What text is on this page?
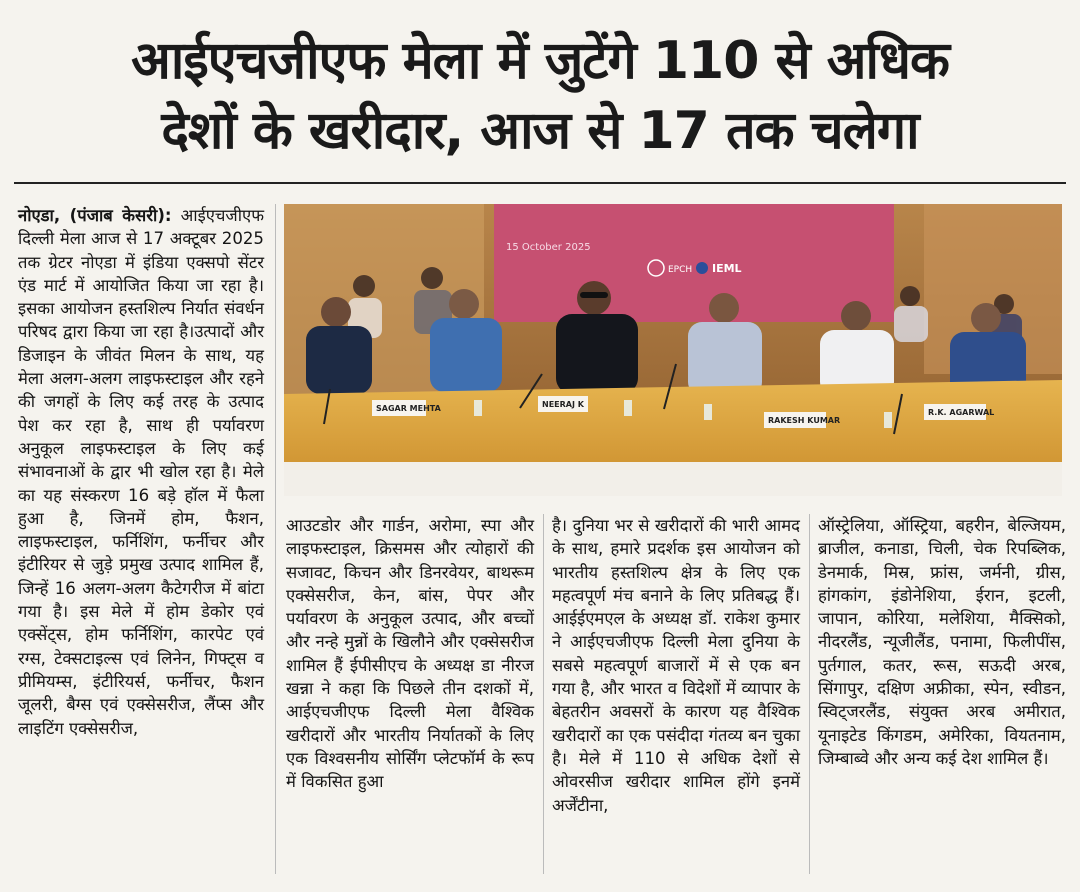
आईएचजीएफ मेला में जुटेंगे 110 से अधिक
देशों के खरीदार, आज से 17 तक चलेगा
नोएडा, (पंजाब केसरी): आईएचजीएफ दिल्ली मेला आज से 17 अक्टूबर 2025 तक ग्रेटर नोएडा में इंडिया एक्सपो सेंटर एंड मार्ट में आयोजित किया जा रहा है। इसका आयोजन हस्तशिल्प निर्यात संवर्धन परिषद द्वारा किया जा रहा है।उत्पादों और डिजाइन के जीवंत मिलन के साथ, यह मेला अलग-अलग लाइफस्टाइल और रहने की जगहों के लिए कई तरह के उत्पाद पेश कर रहा है, साथ ही पर्यावरण अनुकूल लाइफस्टाइल के लिए कई संभावनाओं के द्वार भी खोल रहा है। मेले का यह संस्करण 16 बड़े हॉल में फैला हुआ है, जिनमें होम, फैशन, लाइफस्टाइल, फर्निशिंग, फर्नीचर और इंटीरियर से जुड़े प्रमुख उत्पाद शामिल हैं, जिन्हें 16 अलग-अलग कैटेगरीज में बांटा गया है। इस मेले में होम डेकोर एवं एक्सेंट्स, होम फर्निशिंग, कारपेट एवं रग्स, टेक्सटाइल्स एवं लिनेन, गिफ्ट्स व प्रीमियम्स, इंटीरियर्स, फर्नीचर, फैशन जूलरी, बैग्स एवं एक्सेसरीज, लैंप्स और लाइटिंग एक्सेसरीज,
15 October 2025
EPCH IEML
SAGAR MEHTA	NEERAJ K
RAKESH KUMAR
R.K. AGARWAL
आउटडोर और गार्डन, अरोमा, स्पा और लाइफस्टाइल, क्रिसमस और त्योहारों की सजावट, किचन और डिनरवेयर, बाथरूम एक्सेसरीज, केन, बांस, पेपर और पर्यावरण के अनुकूल उत्पाद, और बच्चों और नन्हे मुन्नों के खिलौने और एक्सेसरीज शामिल हैं ईपीसीएच के अध्यक्ष डा नीरज खन्ना ने कहा कि पिछले तीन दशकों में, आईएचजीएफ दिल्ली मेला वैश्विक खरीदारों और भारतीय निर्यातकों के लिए एक विश्वसनीय सोर्सिंग प्लेटफॉर्म के रूप में विकसित हुआ
है। दुनिया भर से खरीदारों की भारी आमद के साथ, हमारे प्रदर्शक इस आयोजन को भारतीय हस्तशिल्प क्षेत्र के लिए एक महत्वपूर्ण मंच बनाने के लिए प्रतिबद्ध हैं। आईईएमएल के अध्यक्ष डॉ. राकेश कुमार ने आईएचजीएफ दिल्ली मेला दुनिया के सबसे महत्वपूर्ण बाजारों में से एक बन गया है, और भारत व विदेशों में व्यापार के बेहतरीन अवसरों के कारण यह वैश्विक खरीदारों का एक पसंदीदा गंतव्य बन चुका है। मेले में 110 से अधिक देशों से ओवरसीज खरीदार शामिल होंगे इनमें अर्जेंटीना,
ऑस्ट्रेलिया, ऑस्ट्रिया, बहरीन, बेल्जियम, ब्राजील, कनाडा, चिली, चेक रिपब्लिक, डेनमार्क, मिस्र, फ्रांस, जर्मनी, ग्रीस, हांगकांग, इंडोनेशिया, ईरान, इटली, जापान, कोरिया, मलेशिया, मैक्सिको, नीदरलैंड, न्यूजीलैंड, पनामा, फिलीपींस, पुर्तगाल, कतर, रूस, सऊदी अरब, सिंगापुर, दक्षिण अफ्रीका, स्पेन, स्वीडन, स्विट्जरलैंड, संयुक्त अरब अमीरात, यूनाइटेड किंगडम, अमेरिका, वियतनाम, जिम्बाब्वे और अन्य कई देश शामिल हैं।
